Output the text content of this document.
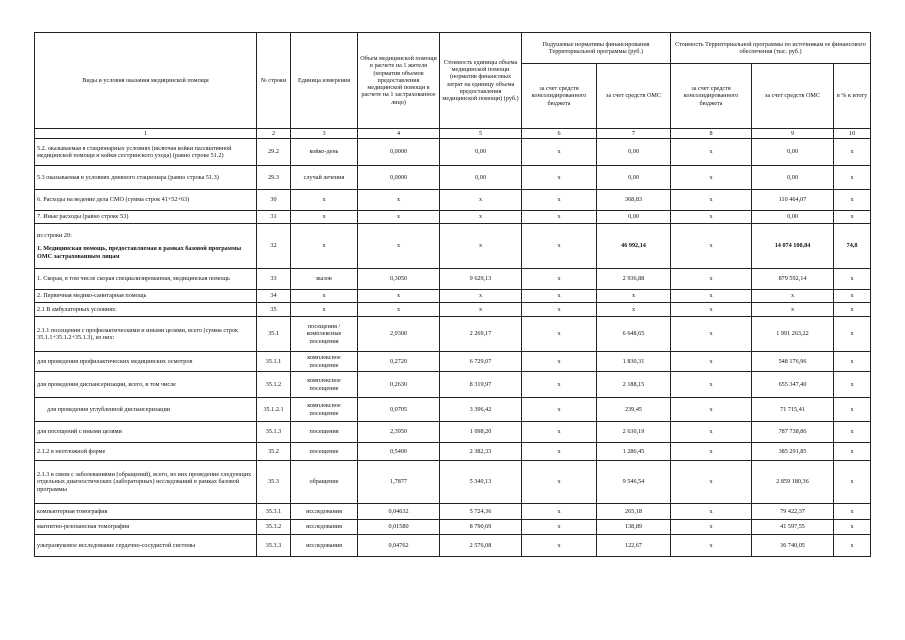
Виды и условия оказания медицинской помощи	№ строки	Единица измерения	Объем медицинской помощи в расчете на 1 жителя (норматив объемов предоставления медицинской помощи в расчете на 1 застрахованное лицо)	Стоимость единицы объема медицинской помощи (норматив финансовых затрат на единицу объема предоставления медицинской помощи) (руб.)	Подушевые нормативы финансирования Территориальной программы (руб.)		Стоимость Территориальной программы по источникам ее финансового обеспечения (тыс. руб.)		
					за счет средств консолидированного бюджета	за счет средств ОМС	за счет средств консолидированного бюджета	за счет средств ОМС	в % к итогу
1	2	3	4	5	6	7	8	9	10

5.2. оказываемая в стационарных условиях (включая койки паллиативной медицинской помощи и койки сестринского ухода) (равно строке 51.2)	29.2	койко-день	0,0000	0,00	х	0,00	х	0,00	х

5.3 оказываемая в условиях дневного стационара (равно строка 51.3)	29.3	случай лечения	0,0000	0,00	х	0,00	х	0,00	х

6. Расходы на ведение дела СМО (сумма строк 41+52+63)	30	х	х	х	х	368,83	х	110 464,07	х

7. Иные расходы (равно строке 53)	31	х	х	х	х	0,00	х	0,00	х

из строки 20:
1. Медицинская помощь, предоставляемая в рамках базовой программы ОМС застрахованным лицам	32	х	х	х	х	46 992,14	х	14 074 100,84	74,8

1. Скорая, в том числе скорая специализированная, медицинская помощь	33	вызов	0,3050	9 629,13	х	2 936,88	х	879 592,14	х

2. Первичная медико-санитарная помощь	34	х	х	х	х	х	х	х	х

2.1 В амбулаторных условиях:	35	х	х	х	х	х	х	х	х

2.1.1 посещения с профилактическими и иными целями, всего (сумма строк 35.1.1+35.1.2+35.1.3), из них:	35.1	посещения / комплексные посещения	2,9300	2 269,17	х	6 648,65	х	1 991 263,22	х

для проведения профилактических медицинских осмотров	35.1.1	комплексное посещение	0,2720	6 729,07	х	1 830,31	х	548 176,96	х

для проведения диспансеризации, всего, в том числе	35.1.2	комплексное посещение	0,2630	8 319,97	х	2 188,15	х	655 347,40	х

для проведения углубленной диспансеризации	35.1.2.1	комплексное посещение	0,0705	3 396,42	х	239,45	х	71 715,41	х

для посещений с иными целями	35.1.3	посещения	2,3950	1 098,20	х	2 630,19	х	787 738,86	х

2.1.2 в неотложной форме	35.2	посещение	0,5400	2 382,33	х	1 286,45	х	385 291,85	х

2.1.3 в связи с заболеваниями (обращений), всего, из них проведение следующих отдельных диагностических (лабораторных) исследований в рамках базовой программы	35.3	обращение	1,7877	5 340,13	х	9 546,54	х	2 859 180,36	х

компьютерная томография	35.3.1	исследования	0,04632	5 724,36	х	265,18	х	79 422,37	х

магнитно-резонансная томография	35.3.2	исследования	0,01580	8 790,69	х	138,89	х	41 597,55	х

ультразвуковое исследование сердечно-сосудистой системы	35.3.3	исследования	0,04762	2 576,08	х	122,67	х	36 740,05	х
